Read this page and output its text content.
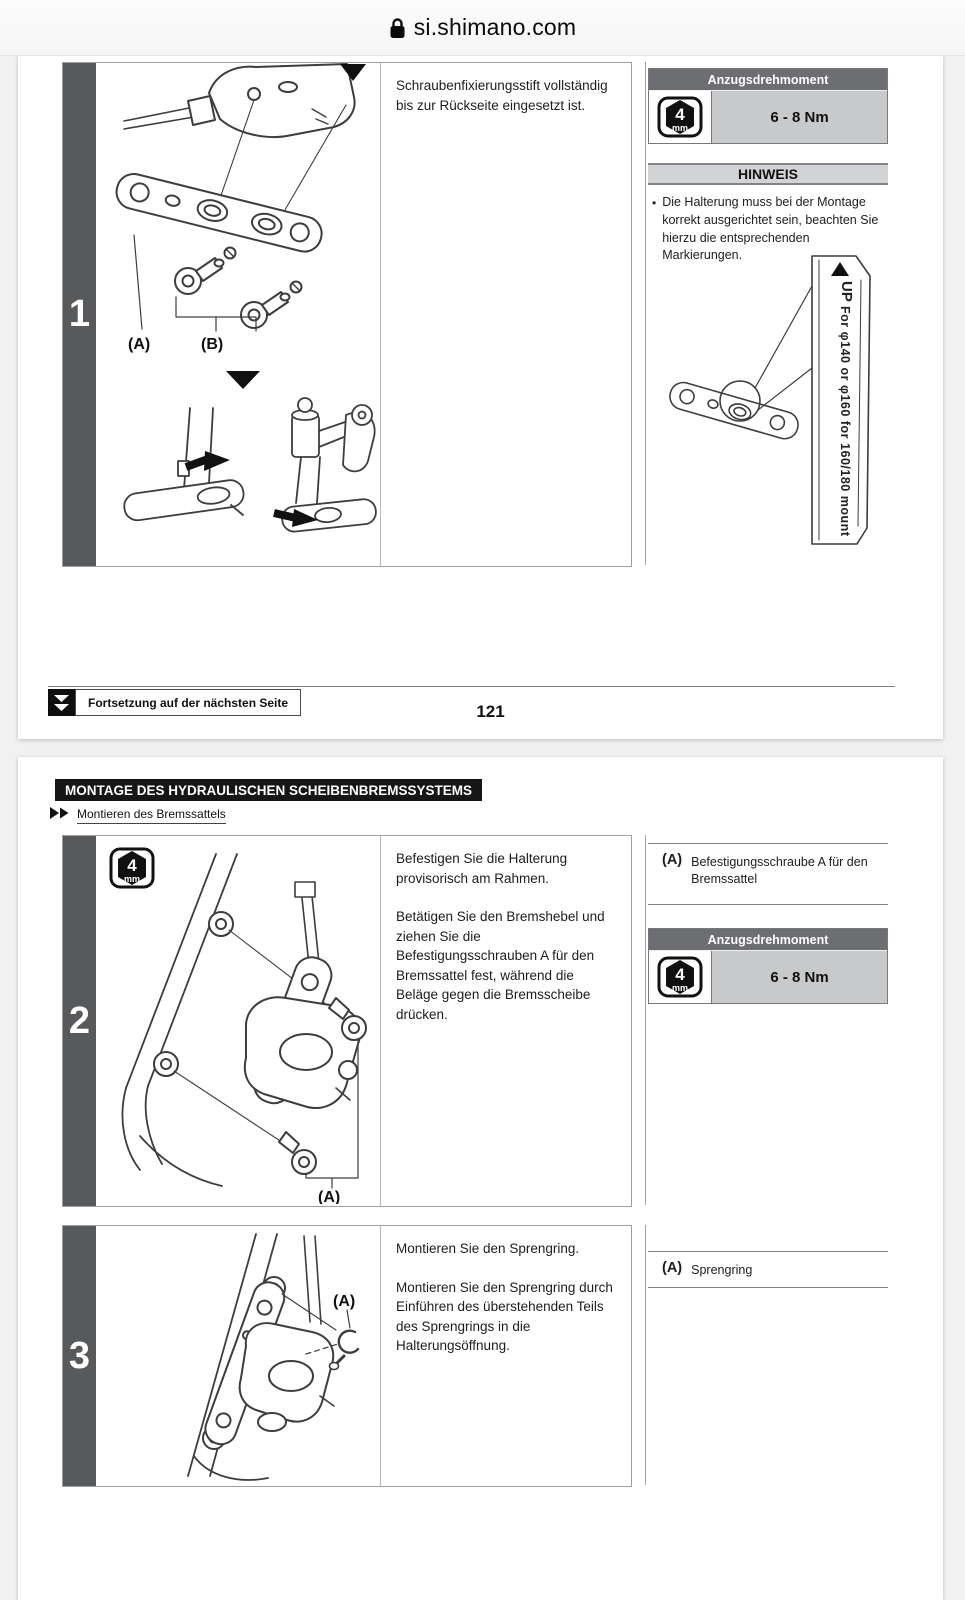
si.shimano.com
1
(A)	(B)

Schraubenfixierungsstift vollständig bis zur Rückseite eingesetzt ist.

Anzugsdrehmoment
4
mm
6 - 8 Nm
HINWEIS
• Die Halterung muss bei der Montage korrekt ausgerichtet sein, beachten Sie hierzu die entsprechenden Markierungen.
UP
For φ140 or φ160 for 160/180 mount
Fortsetzung auf der nächsten Seite	121
MONTAGE DES HYDRAULISCHEN SCHEIBENBREMSSYSTEMS
Montieren des Bremssattels
2
4
mm
(A)

Befestigen Sie die Halterung provisorisch am Rahmen.

Betätigen Sie den Bremshebel und ziehen Sie die Befestigungsschrauben A für den Bremssattel fest, während die Beläge gegen die Bremsscheibe drücken.

(A) Befestigungsschraube A für den Bremssattel
Anzugsdrehmoment
4
mm
6 - 8 Nm
3
(A)

Montieren Sie den Sprengring.

Montieren Sie den Sprengring durch Einführen des überstehenden Teils des Sprengrings in die Halterungsöffnung.

(A) Sprengring
